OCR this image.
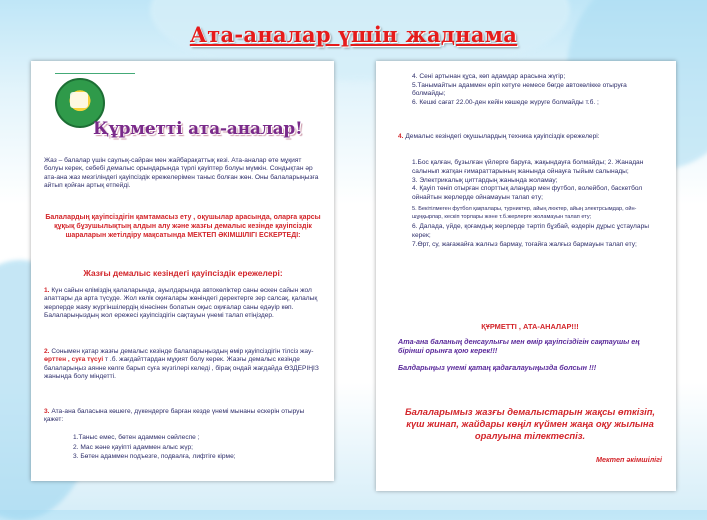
Ата-аналар үшін жаднама
Құрметті ата-аналар!

Жаз – балалар үшін саулық-сайран мен жайбарақаттық кезі. Ата-аналар өте мұқият болуы керек, себебі демалыс орындарында түрлі қауіптер болуы мүмкін. Сондықтан әр ата-ана жаз мезгіліндегі қауіпсіздік ережелерімен таныс болған жөн. Оны балаларыңызға айтып қойған артық етпейді.

Балалардың қауіпсіздігін қамтамасыз ету , оқушылар арасында, оларға қарсы құқық бұзушылықтың алдын алу және жазғы демалыс кезінде қауіпсіздік шараларын жетілдіру мақсатында МЕКТЕП ӘКІМШІЛІГІ ЕСКЕРТЕДІ:
Жазғы демалыс кезіндегі қауіпсіздік ережелері:

1. Күн сайын еліміздің қалаларында, ауылдарында автокөліктер саны өскен сайын жол апаттары да арта түсуде. Жол көлік оқиғалары жөніндегі деректерге зер салсақ, қалалық жерлерде жаяу жүргіншілердің кінәсінен болатын оқыс оқиғалар саны едәуір көп. Балаларыңыздың жол ережесі қауіпсіздігін сақтауын үнемі талап етіңіздер.

2. Сонымен қатар жазғы демалыс кезінде балаларыңыздың өмір қауіпсіздігін тілсіз жау-өрттен , суға түсуі т .б. жағдайттардан мұқият болу керек. Жазғы демалыс кезінде балаларыңыз аянне көлге барып суға жүзгілері келеді , бірақ ондай жағдайда ӨЗДЕРІҢІЗ жанында болу міндетті.

3. Ата-ана баласына көшеге, дүкендерге барған кезде үнемі мынаны ескерін отыруы қажет:

1.Таныс емес, бөтен адаммен сөйлеспе ;

2. Мас және қауіпті адаммен алыс жүр;

3. Бөтен адаммен подъезге, подвалға, лифтіге кірме;

4. Сені артынан құса, көп адамдар арасына жүгір;

5.Танымайтын адаммен еріп кетуге немесе бөгде автокөлікке отыруға болмайды;

6. Кешкі сағат 22.00-ден кейін көшеде жүруге болмайды т.б. ;

4. Демалыс кезіндегі оқушылардың техника қауіпсіздік ережелері:

1.Бос қалған, бұзылған үйлерге баруға, жақындауға болмайды; 2. Жанадан салынып жатқан ғимараттарының жанында ойнауға тыйым салынады;

3. Электрикалық циттардың жанында жоламау;

4. Қауіп төніп отырған спорттық алаңдар мен футбол, волейбол, баскетбол ойнайтын жерлерде ойнамауын талап ету;

5. Бекітілмеген футбол қақпалары, турниктер, айың люктер, айың электрсымдар, ойн-шұңқырлар, кескіп торлары және т.б.жерлерге жоламауын талап ету;

6. Далада, үйде, қоғамдық жерлерде тәртіп бұзбай, өздерін дұрыс ұстаулары керек;

7.Өрт, су, жағажайға жалғыз бармау, тоғайға жалғыз бармауын талап ету;

ҚҰРМЕТТІ , АТА-АНАЛАР!!!
Ата-ана баланың денсаулығы мен өмір қауіпсіздігін сақтаушы ең бірінші орынға қою керек!!!
Балдарыңыз үнемі қатаң қадағалауыңызда болсын !!!
Балаларымыз жазғы демалыстарын жақсы өткізіп, күш жинап, жайдары көңіл күймен жаңа оқу жылына оралуына тілектеспіз.
Мектеп әкімшілігі
